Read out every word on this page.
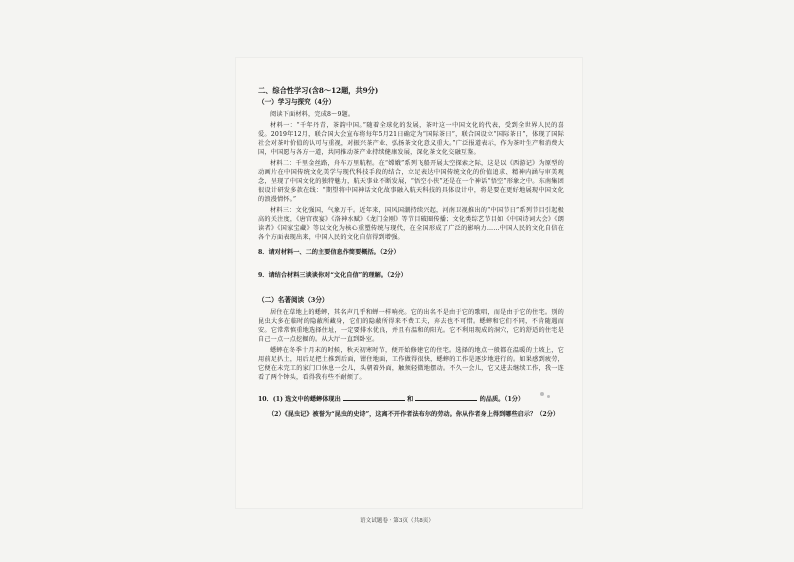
二、综合性学习(含8～12题，共9分)
（一）学习与探究（4分）

阅读下面材料，完成8～9题。

材料一：“千年丹青，茶韵中国。”随着全球化的发展，茶叶这一中国文化的代表，受到全世界人民的喜爱。2019年12月，联合国大会宣布将每年5月21日确定为“国际茶日”，联合国设立“国际茶日”，体现了国际社会对茶叶价值的认可与重视，对振兴茶产业、弘扬茶文化意义重大。”广泛报道表示，作为茶叶生产和消费大国，中国愿与各方一道，共同推动茶产业持续健康发展，深化茶文化交融互鉴。

材料二：千里金丝路，舟车万里航程。在“嫦娥”系列飞船开展太空探索之际，这是以《西游记》为原型的动画片在中国传统文化美学与现代科技手段的结合，立足表达中国传统文化的价值追求、精神内涵与审美观念，呈现了中国文化的独特魅力，航天事业不断发展，“悟空小侠”还是在一个神话“悟空”形象之中。东南集团很设计研发多款在线：“期望将中国神话文化故事融入航天科技的具体设计中，将是要在更好地展现中国文化的浪漫情怀。”

材料三：文化强国，气象万千。近年来，国风国潮持续兴起，河南卫视推出的“中国节日”系列节目引起极高的关注度，《唐宫夜宴》《洛神水赋》《龙门金刚》等节目破圈传播；文化类综艺节目如《中国诗词大会》《朗读者》《国家宝藏》等以文化为核心重塑传统与现代，在全国形成了广泛的影响力……中国人民的文化自信在各个方面表现出来，中国人民的文化自信得到增强。

8．请对材料一、二的主要信息作简要概括。（2分）
9．请结合材料三谈谈你对“文化自信”的理解。（2分）
（二）名著阅读（3分）

居住在草地上的蟋蟀，其名声几乎和蝉一样响亮。它的出名不是由于它的歌唱，而是由于它的住宅。别的昆虫大多在临时的隐蔽所藏身，它们的隐蔽所得来不费工夫，弃去也不可惜。蟋蟀和它们不同，不肯随遇而安。它常常慎重地选择住址，一定要排水优良，并且有温和的阳光。它不利用现成的洞穴，它的舒适的住宅是自己一点一点挖掘的。从大厅一直到卧室。

蟋蟀在冬季十月末的时候，秋天初寒时节，便开始修建它的住宅。选择的地点一般都在温暖的土坡上，它用前足扒土，用后足把土推到后面，钳住地面，工作做得很快，蟋蟀的工作是逐步地进行的。如果感到疲劳，它便在未完工的家门口休息一会儿，头朝着外面，触须轻微地摆动。不久一会儿，它又进去继续工作，我一连看了两个钟头，看得我有些不耐烦了。

10．(1) 选文中的蟋蟀体现出	和	的品质。（1分）
（2）《昆虫记》被誉为“昆虫的史诗”，这离不开作者法布尔的劳动。你从作者身上得到哪些启示？（2分）
语文试题卷 · 第3页（共8页）
